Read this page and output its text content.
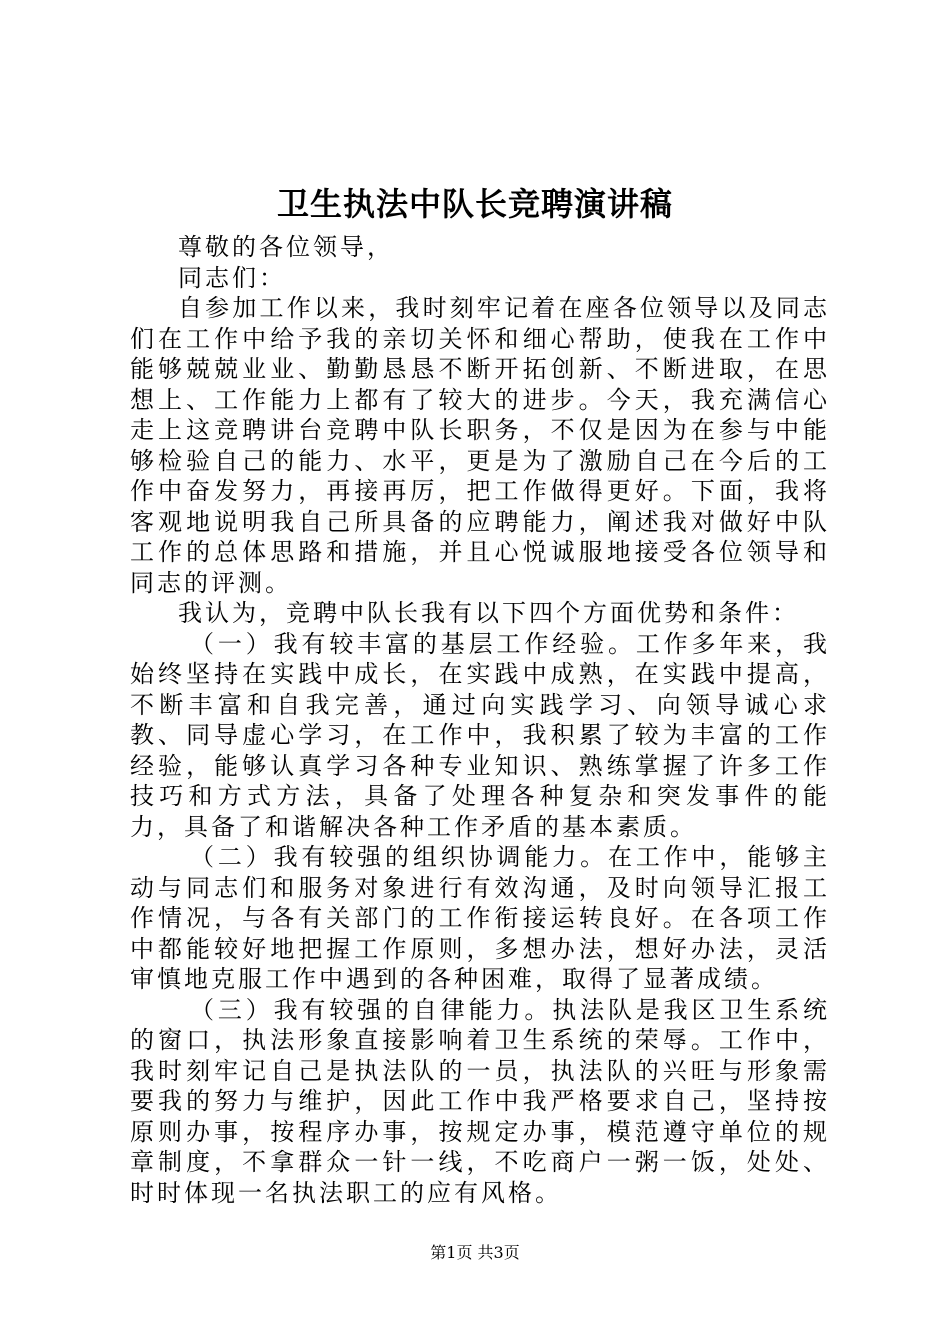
卫生执法中队长竞聘演讲稿
尊敬的各位领导，
同志们：

自参加工作以来，我时刻牢记着在座各位领导以及同志们在工作中给予我的亲切关怀和细心帮助，使我在工作中能够兢兢业业、勤勤恳恳不断开拓创新、不断进取，在思想上、工作能力上都有了较大的进步。今天，我充满信心走上这竞聘讲台竞聘中队长职务，不仅是因为在参与中能够检验自己的能力、水平，更是为了激励自己在今后的工作中奋发努力，再接再厉，把工作做得更好。下面，我将客观地说明我自己所具备的应聘能力，阐述我对做好中队工作的总体思路和措施，并且心悦诚服地接受各位领导和同志的评测。

我认为，竞聘中队长我有以下四个方面优势和条件：

（一）我有较丰富的基层工作经验。工作多年来，我始终坚持在实践中成长，在实践中成熟，在实践中提高，不断丰富和自我完善，通过向实践学习、向领导诚心求教、同导虚心学习，在工作中，我积累了较为丰富的工作经验，能够认真学习各种专业知识、熟练掌握了许多工作技巧和方式方法，具备了处理各种复杂和突发事件的能力，具备了和谐解决各种工作矛盾的基本素质。

（二）我有较强的组织协调能力。在工作中，能够主动与同志们和服务对象进行有效沟通，及时向领导汇报工作情况，与各有关部门的工作衔接运转良好。在各项工作中都能较好地把握工作原则，多想办法，想好办法，灵活审慎地克服工作中遇到的各种困难，取得了显著成绩。

（三）我有较强的自律能力。执法队是我区卫生系统的窗口，执法形象直接影响着卫生系统的荣辱。工作中，我时刻牢记自己是执法队的一员，执法队的兴旺与形象需要我的努力与维护，因此工作中我严格要求自己，坚持按原则办事，按程序办事，按规定办事，模范遵守单位的规章制度，不拿群众一针一线，不吃商户一粥一饭，处处、时时体现一名执法职工的应有风格。

第1页 共3页
